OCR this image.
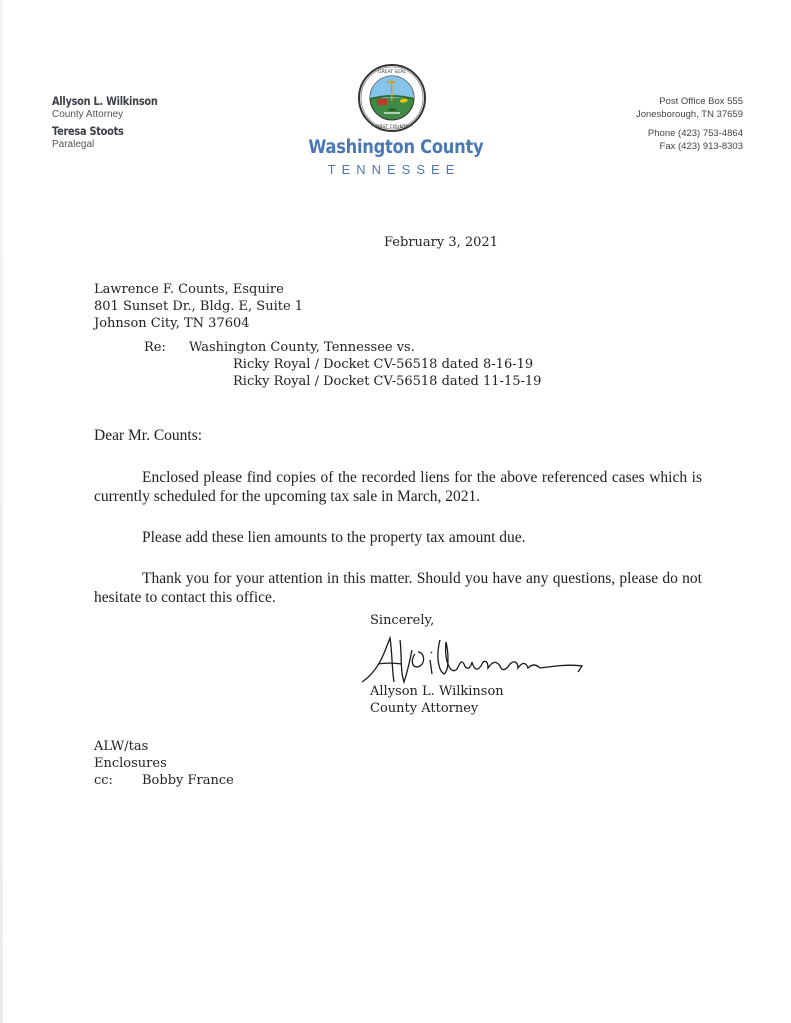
Allyson L. Wilkinson
County Attorney
Teresa Stoots
Paralegal
GREAT SEAL
FIRST COUNTY
Washington County
TENNESSEE
Post Office Box 555
Jonesborough, TN 37659
Phone (423) 753-4864
Fax (423) 913-8303
February 3, 2021
Lawrence F. Counts, Esquire
801 Sunset Dr., Bldg. E, Suite 1
Johnson City, TN 37604
Re: Washington County, Tennessee vs.
Ricky Royal / Docket CV-56518 dated 8-16-19
Ricky Royal / Docket CV-56518 dated 11-15-19
Dear Mr. Counts:
Enclosed please find copies of the recorded liens for the above referenced cases which is currently scheduled for the upcoming tax sale in March, 2021.
Please add these lien amounts to the property tax amount due.
Thank you for your attention in this matter. Should you have any questions, please do not hesitate to contact this office.
Sincerely,
Allyson L. Wilkinson
County Attorney
ALW/tas
Enclosures
cc: Bobby France
